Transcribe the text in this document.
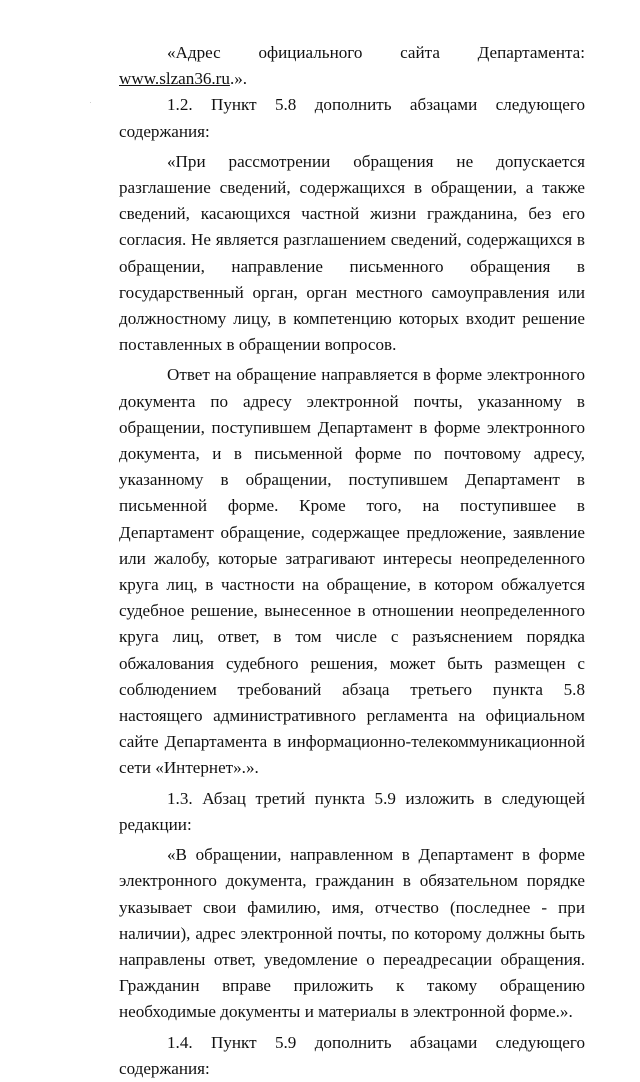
«Адрес официального сайта Департамента: www.slzan36.ru.».

1.2. Пункт 5.8 дополнить абзацами следующего содержания:

«При рассмотрении обращения не допускается разглашение сведений, содержащихся в обращении, а также сведений, касающихся частной жизни гражданина, без его согласия. Не является разглашением сведений, содержащихся в обращении, направление письменного обращения в государственный орган, орган местного самоуправления или должностному лицу, в компетенцию которых входит решение поставленных в обращении вопросов.

Ответ на обращение направляется в форме электронного документа по адресу электронной почты, указанному в обращении, поступившем Департамент в форме электронного документа, и в письменной форме по почтовому адресу, указанному в обращении, поступившем Департамент в письменной форме. Кроме того, на поступившее в Департамент обращение, содержащее предложение, заявление или жалобу, которые затрагивают интересы неопределенного круга лиц, в частности на обращение, в котором обжалуется судебное решение, вынесенное в отношении неопределенного круга лиц, ответ, в том числе с разъяснением порядка обжалования судебного решения, может быть размещен с соблюдением требований абзаца третьего пункта 5.8 настоящего административного регламента на официальном сайте Департамента в информационно-телекоммуникационной сети «Интернет».».

1.3. Абзац третий пункта 5.9 изложить в следующей редакции:

«В обращении, направленном в Департамент в форме электронного документа, гражданин в обязательном порядке указывает свои фамилию, имя, отчество (последнее - при наличии), адрес электронной почты, по которому должны быть направлены ответ, уведомление о переадресации обращения. Гражданин вправе приложить к такому обращению необходимые документы и материалы в электронной форме.».

1.4. Пункт 5.9 дополнить абзацами следующего содержания:
